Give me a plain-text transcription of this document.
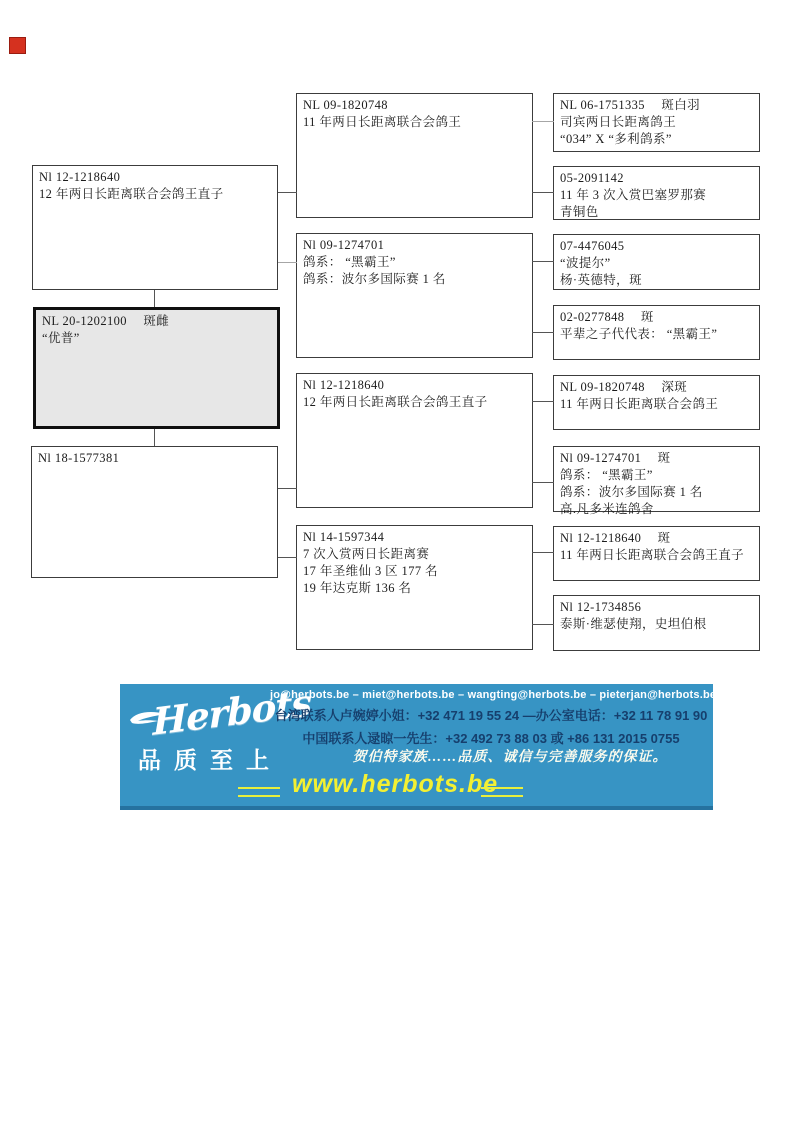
Nl 12-1218640
12 年两日长距离联合会鸽王直子
NL 20-1202100　 斑雌
“优普”
Nl 18-1577381
NL 09-1820748
11 年两日长距离联合会鸽王
Nl 09-1274701
鸽系： “黑霸王”
鸽系：波尔多国际赛 1 名
Nl 12-1218640
12 年两日长距离联合会鸽王直子
Nl 14-1597344
7 次入赏两日长距离赛
17 年圣维仙 3 区 177 名
19 年达克斯 136 名
NL 06-1751335　 斑白羽
司宾两日长距离鸽王
“034” X “多利鸽系”
05-2091142
11 年 3 次入赏巴塞罗那赛
青铜色
07-4476045
“波提尔”
杨·英德特，斑
02-0277848　 斑
平辈之子代代表： “黑霸王”
NL 09-1820748　 深斑
11 年两日长距离联合会鸽王
Nl 09-1274701　 斑
鸽系： “黑霸王”
鸽系：波尔多国际赛 1 名
高.凡多米连鸽舍
Nl 12-1218640　 斑
11 年两日长距离联合会鸽王直子
Nl 12-1734856
泰斯·维瑟使翔，史坦伯根
Herbots
品质至上
jo@herbots.be – miet@herbots.be – wangting@herbots.be – pieterjan@herbots.be
台湾联系人卢婉婷小姐：+32 471 19 55 24 —办公室电话：+32 11 78 91 90
中国联系人逯晾一先生：+32 492 73 88 03 或 +86 131 2015 0755
贺伯特家族……品质、诚信与完善服务的保证。
www.herbots.be
